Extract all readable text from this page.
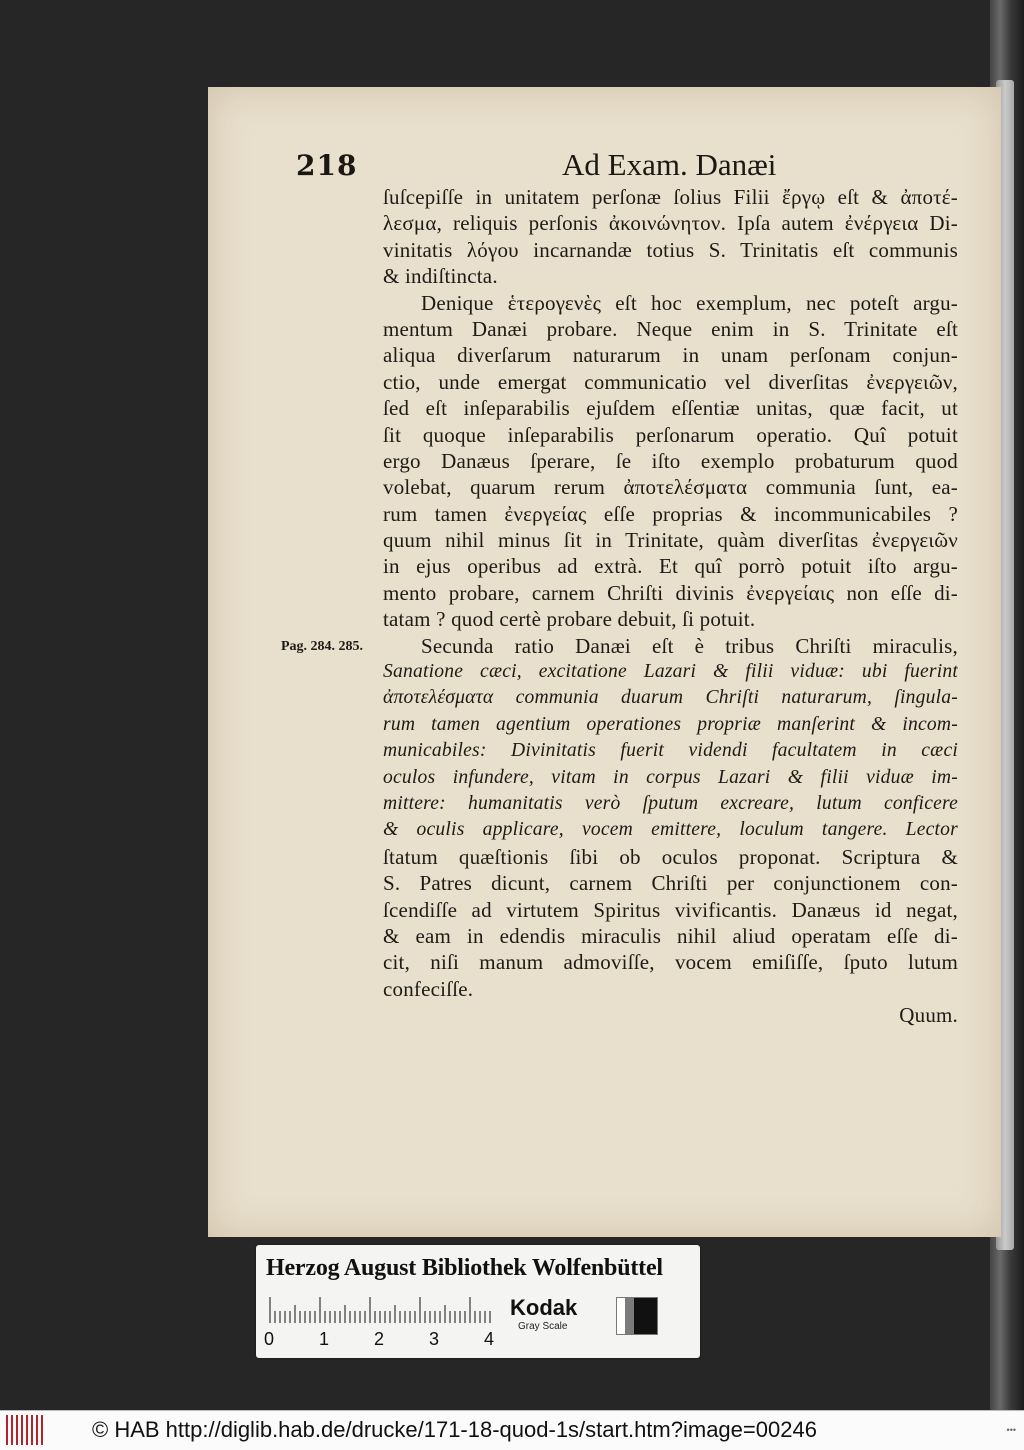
218	Ad Exam. Danæi
Pag. 284. 285.
ſuſcepiſſe in unitatem perſonæ ſolius Filii ἔργῳ eſt & ἀποτέ-
λεσμα, reliquis perſonis ἀκοινώνητον. Ipſa autem ἐνέργεια Di-
vinitatis λόγου incarnandæ totius S. Trinitatis eſt communis
& indiſtincta.
Denique ἑτερογενὲς eſt hoc exemplum, nec poteſt argu-
mentum Danæi probare. Neque enim in S. Trinitate eſt
aliqua diverſarum naturarum in unam perſonam conjun-
ctio, unde emergat communicatio vel diverſitas ἐνεργειῶν,
ſed eſt inſeparabilis ejuſdem eſſentiæ unitas, quæ facit, ut
ſit quoque inſeparabilis perſonarum operatio. Quî potuit
ergo Danæus ſperare, ſe iſto exemplo probaturum quod
volebat, quarum rerum ἀποτελέσματα communia ſunt, ea-
rum tamen ἐνεργείας eſſe proprias & incommunicabiles ?
quum nihil minus ſit in Trinitate, quàm diverſitas ἐνεργειῶν
in ejus operibus ad extrà. Et quî porrò potuit iſto argu-
mento probare, carnem Chriſti divinis ἐνεργείαις non eſſe di-
tatam ? quod certè probare debuit, ſi potuit.
Secunda ratio Danæi eſt è tribus Chriſti miraculis,
Sanatione cæci, excitatione Lazari & filii viduæ: ubi fuerint
ἀποτελέσματα communia duarum Chriſti naturarum, ſingula-
rum tamen agentium operationes propriæ manſerint & incom-
municabiles: Divinitatis fuerit videndi facultatem in cæci
oculos infundere, vitam in corpus Lazari & filii viduæ im-
mittere: humanitatis verò ſputum excreare, lutum conficere
& oculis applicare, vocem emittere, loculum tangere. Lector
ſtatum quæſtionis ſibi ob oculos proponat. Scriptura &
S. Patres dicunt, carnem Chriſti per conjunctionem con-
ſcendiſſe ad virtutem Spiritus vivificantis. Danæus id negat,
& eam in edendis miraculis nihil aliud operatam eſſe di-
cit, niſi manum admoviſſe, vocem emiſiſſe, ſputo lutum
confeciſſe.
Quum.
Herzog August Bibliothek Wolfenbüttel
0 1 2 3 4
Kodak
Gray Scale
© HAB http://diglib.hab.de/drucke/171-18-quod-1s/start.htm?image=00246	•••
